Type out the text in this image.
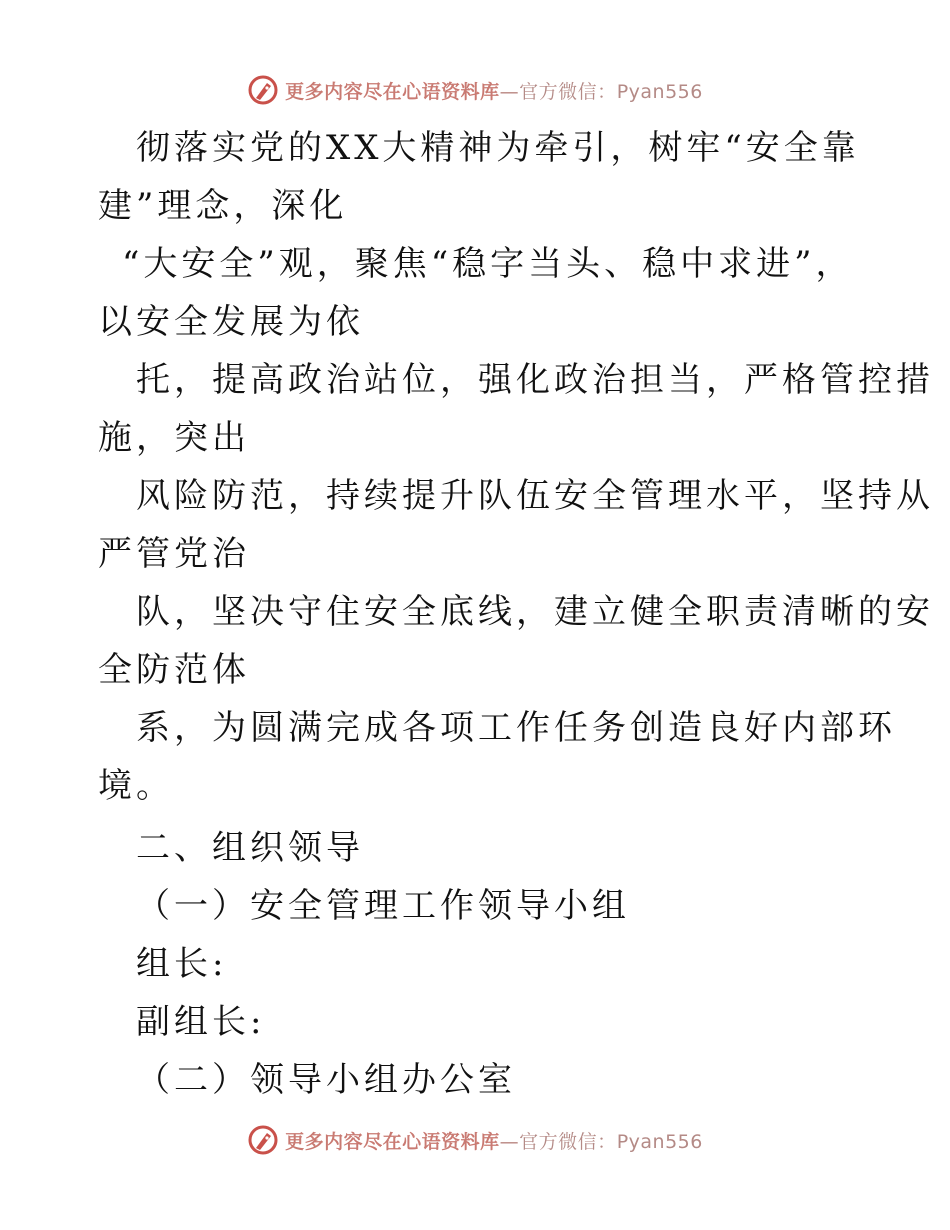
更多内容尽在心语资料库—官方微信：Pyan556
彻落实党的XX大精神为牵引，树牢“安全靠
建”理念，深化
“大安全”观，聚焦“稳字当头、稳中求进”，
以安全发展为依
托，提高政治站位，强化政治担当，严格管控措
施，突出
风险防范，持续提升队伍安全管理水平，坚持从
严管党治
队，坚决守住安全底线，建立健全职责清晰的安
全防范体
系，为圆满完成各项工作任务创造良好内部环
境。
二、组织领导
（一）安全管理工作领导小组
组长:
副组长:
（二）领导小组办公室
更多内容尽在心语资料库—官方微信：Pyan556
